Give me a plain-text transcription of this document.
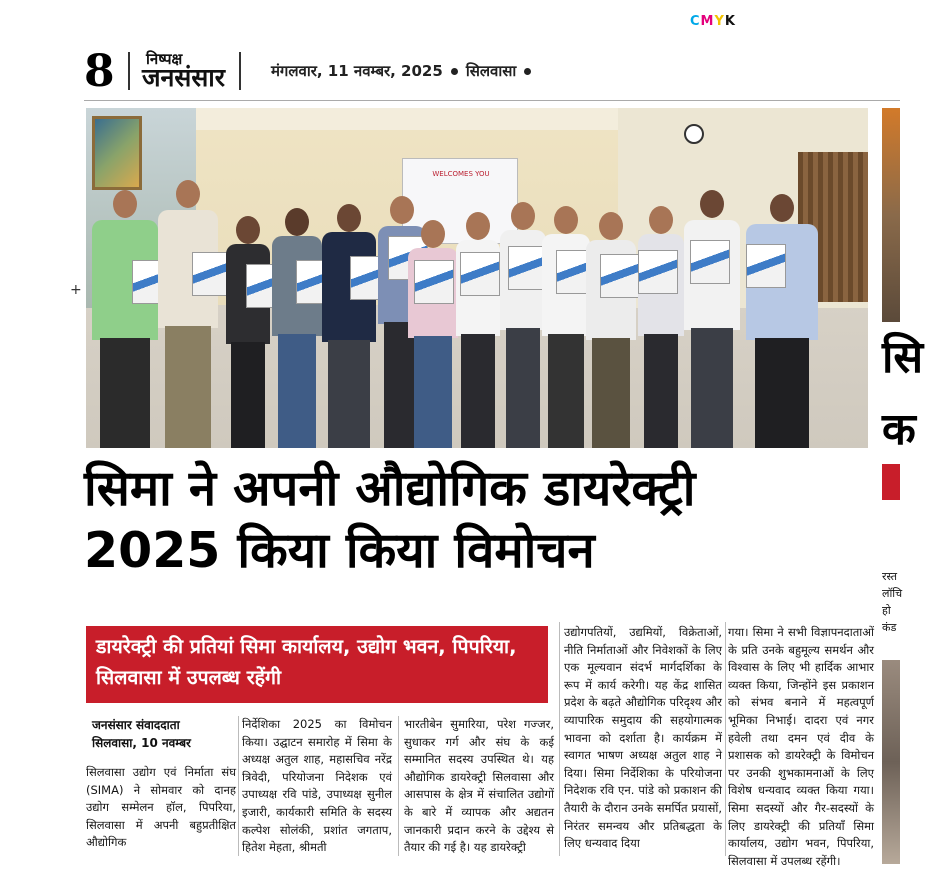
CMYK
8	निष्पक्ष
जनसंसार	मंगलवार, 11 नवम्बर, 2025 सिलवासा
+
WELCOMES YOU
सिमा ने अपनी औद्योगिक डायरेक्ट्री
2025 किया किया विमोचन
डायरेक्ट्री की प्रतियां सिमा कार्यालय, उद्योग भवन, पिपरिया, सिलवासा में उपलब्ध रहेंगी
जनसंसार संवाददाता
सिलवासा, 10 नवम्बर
सिलवासा उद्योग एवं निर्माता संघ (SIMA) ने सोमवार को दानह उद्योग सम्मेलन हॉल, पिपरिया, सिलवासा में अपनी बहुप्रतीक्षित औद्योगिक
निर्देशिका 2025 का विमोचन किया। उद्घाटन समारोह में सिमा के अध्यक्ष अतुल शाह, महासचिव नरेंद्र त्रिवेदी, परियोजना निदेशक एवं उपाध्यक्ष रवि पांडे, उपाध्यक्ष सुनील इजारी, कार्यकारी समिति के सदस्य कल्पेश सोलंकी, प्रशांत जगताप, हितेश मेहता, श्रीमती
भारतीबेन सुमारिया, परेश गज्जर, सुधाकर गर्ग और संघ के कई सम्मानित सदस्य उपस्थित थे। यह औद्योगिक डायरेक्ट्री सिलवासा और आसपास के क्षेत्र में संचालित उद्योगों के बारे में व्यापक और अद्यतन जानकारी प्रदान करने के उद्देश्य से तैयार की गई है। यह डायरेक्ट्री
उद्योगपतियों, उद्यमियों, विक्रेताओं, नीति निर्माताओं और निवेशकों के लिए एक मूल्यवान संदर्भ मार्गदर्शिका के रूप में कार्य करेगी। यह केंद्र शासित प्रदेश के बढ़ते औद्योगिक परिदृश्य और व्यापारिक समुदाय की सहयोगात्मक भावना को दर्शाता है। कार्यक्रम में स्वागत भाषण अध्यक्ष अतुल शाह ने दिया। सिमा निर्देशिका के परियोजना निदेशक रवि एन. पांडे को प्रकाशन की तैयारी के दौरान उनके समर्पित प्रयासों, निरंतर समन्वय और प्रतिबद्धता के लिए धन्यवाद दिया
गया। सिमा ने सभी विज्ञापनदाताओं के प्रति उनके बहुमूल्य समर्थन और विश्वास के लिए भी हार्दिक आभार व्यक्त किया, जिन्होंने इस प्रकाशन को संभव बनाने में महत्वपूर्ण भूमिका निभाई। दादरा एवं नगर हवेली तथा दमन एवं दीव के प्रशासक को डायरेक्ट्री के विमोचन पर उनकी शुभकामनाओं के लिए विशेष धन्यवाद व्यक्त किया गया। सिमा सदस्यों और गैर-सदस्यों के लिए डायरेक्ट्री की प्रतियाँ सिमा कार्यालय, उद्योग भवन, पिपरिया, सिलवासा में उपलब्ध रहेंगी।
सि
क
रस्त
लॉचि
हो
कंड
